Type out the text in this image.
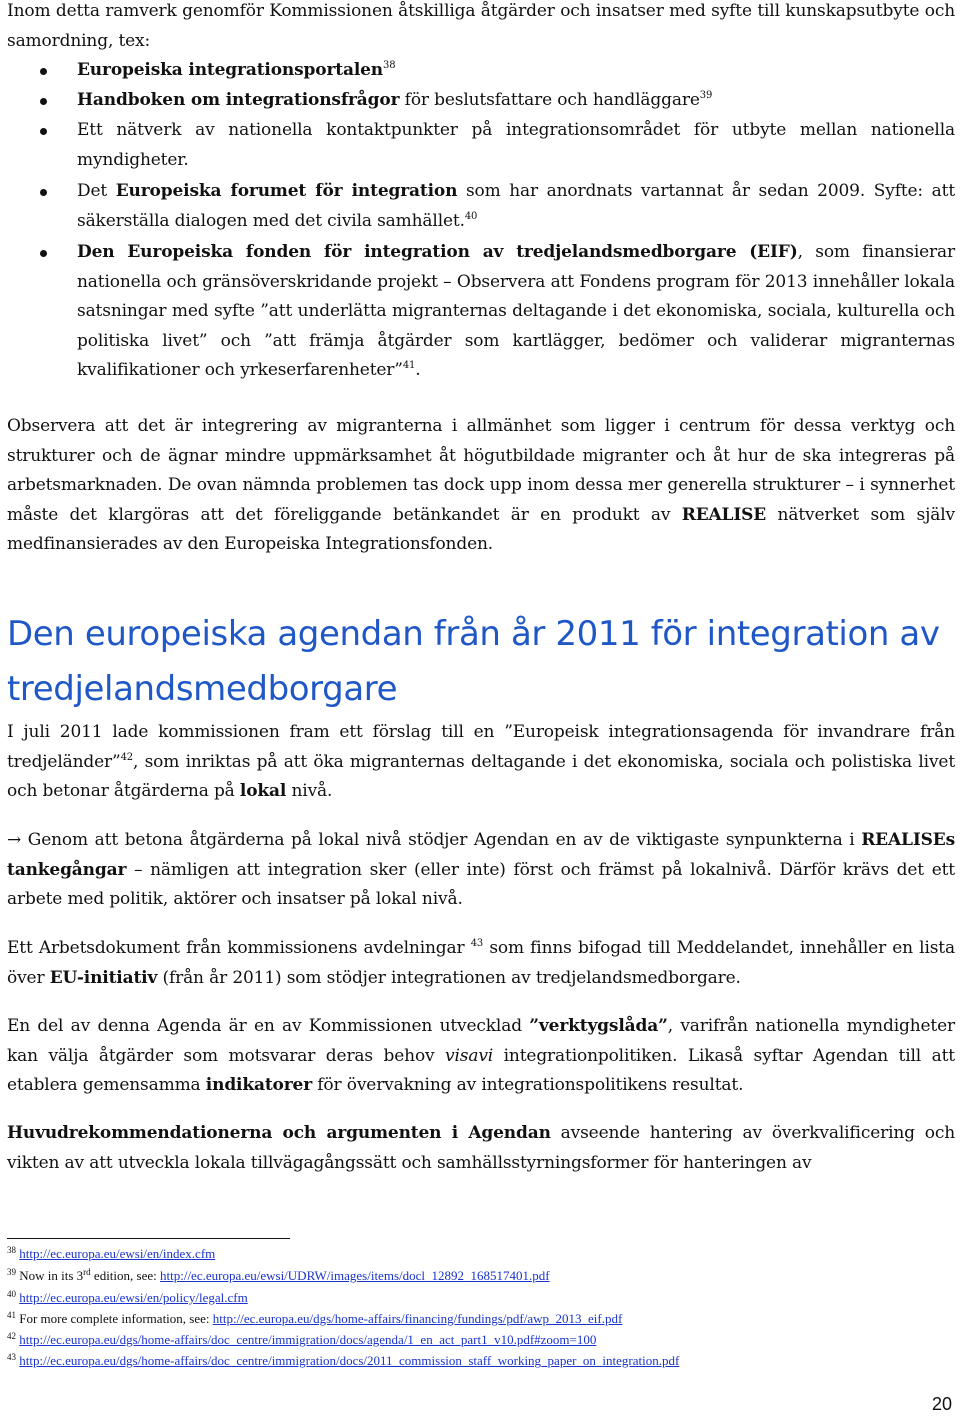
Inom detta ramverk genomför Kommissionen åtskilliga åtgärder och insatser med syfte till kunskapsutbyte och samordning, tex:

Europeiska integrationsportalen$^{38}$
Handboken om integrationsfrågor för beslutsfattare och handläggare$^{39}$
Ett nätverk av nationella kontaktpunkter på integrationsområdet för utbyte mellan nationella myndigheter.
Det Europeiska forumet för integration som har anordnats vartannat år sedan 2009. Syfte: att säkerställa dialogen med det civila samhället.$^{40}$
Den Europeiska fonden för integration av tredjelandsmedborgare (EIF), som finansierar nationella och gränsöverskridande projekt – Observera att Fondens program för 2013 innehåller lokala satsningar med syfte ”att underlätta migranternas deltagande i det ekonomiska, sociala, kulturella och politiska livet” och ”att främja åtgärder som kartlägger, bedömer och validerar migranternas kvalifikationer och yrkeserfarenheter”$^{41}$.

Observera att det är integrering av migranterna i allmänhet som ligger i centrum för dessa verktyg och strukturer och de ägnar mindre uppmärksamhet åt högutbildade migranter och åt hur de ska integreras på arbetsmarknaden. De ovan nämnda problemen tas dock upp inom dessa mer generella strukturer – i synnerhet måste det klargöras att det föreliggande betänkandet är en produkt av REALISE nätverket som själv medfinansierades av den Europeiska Integrationsfonden.

Den europeiska agendan från år 2011 för integration av
tredjelandsmedborgare

I juli 2011 lade kommissionen fram ett förslag till en ”Europeisk integrationsagenda för invandrare från tredjeländer”$^{42}$, som inriktas på att öka migranternas deltagande i det ekonomiska, sociala och polistiska livet och betonar åtgärderna på lokal nivå.

→ Genom att betona åtgärderna på lokal nivå stödjer Agendan en av de viktigaste synpunkterna i REALISEs tankegångar – nämligen att integration sker (eller inte) först och främst på lokalnivå. Därför krävs det ett arbete med politik, aktörer och insatser på lokal nivå.

Ett Arbetsdokument från kommissionens avdelningar $^{43}$ som finns bifogad till Meddelandet, innehåller en lista över EU-initiativ (från år 2011) som stödjer integrationen av tredjelandsmedborgare.

En del av denna Agenda är en av Kommissionen utvecklad ”verktygslåda”, varifrån nationella myndigheter kan välja åtgärder som motsvarar deras behov visavi integrationpolitiken. Likaså syftar Agendan till att etablera gemensamma indikatorer för övervakning av integrationspolitikens resultat.

Huvudrekommendationerna och argumenten i Agendan avseende hantering av överkvalificering och vikten av att utveckla lokala tillvägagångssätt och samhällsstyrningsformer för hanteringen av

$^{38}$ http://ec.europa.eu/ewsi/en/index.cfm
$^{39}$ Now in its 3rd edition, see: http://ec.europa.eu/ewsi/UDRW/images/items/docl_12892_168517401.pdf
$^{40}$ http://ec.europa.eu/ewsi/en/policy/legal.cfm
$^{41}$ For more complete information, see: http://ec.europa.eu/dgs/home-affairs/financing/fundings/pdf/awp_2013_eif.pdf
$^{42}$ http://ec.europa.eu/dgs/home-affairs/doc_centre/immigration/docs/agenda/1_en_act_part1_v10.pdf#zoom=100
$^{43}$ http://ec.europa.eu/dgs/home-affairs/doc_centre/immigration/docs/2011_commission_staff_working_paper_on_integration.pdf
20
